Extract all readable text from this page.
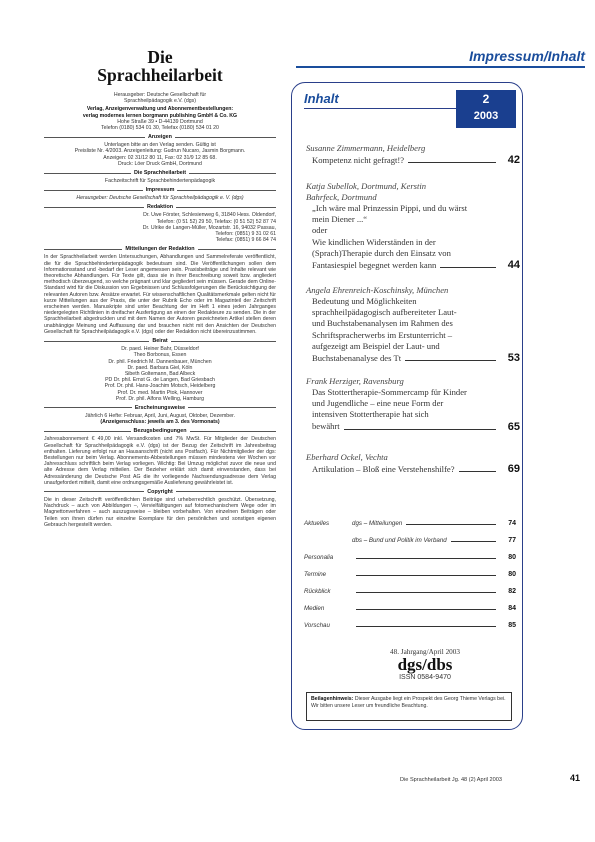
Die
Sprachheilarbeit
Herausgeber: Deutsche Gesellschaft für
Sprachheilpädagogik e.V. (dgs)
Verlag, Anzeigenverwaltung und Abonnementbestellungen:
verlag modernes lernen borgmann publishing GmbH & Co. KG
Hohe Straße 39 • D-44139 Dortmund
Telefon (0180) 534 01 30, Telefax (0180) 534 01 20
Anzeigen
Unterlagen bitte an den Verlag senden. Gültig ist
Preisliste Nr. 4/2003. Anzeigenleitung: Gudrun Nucaro, Jasmin Borgmann.
Anzeigen: 02 31/12 80 11, Fax: 02 31/9 12 85 68.
Druck: Löer Druck GmbH, Dortmund
Die Sprachheilarbeit
Fachzeitschrift für Sprachbehindertenpädagogik
Impressum
Herausgeber: Deutsche Gesellschaft für Sprachheilpädagogik e. V. (dgs)
Redaktion
Dr. Uwe Förster, Schlesienweg 6, 31840 Hess. Oldendorf,
Telefon: (0 51 52) 29 50, Telefax: (0 51 52) 52 87 74
Dr. Ulrike de Langen-Müller, Mozartstr. 16, 94032 Passau,
Telefon: (0851) 9 31 02 61
Telefax: (0851) 9 66 84 74
Mitteilungen der Redaktion
In der Sprachheilarbeit werden Untersuchungen, Abhandlungen und Sammelreferate veröffentlicht, die für die Sprachbehindertenpädagogik bedeutsam sind. Die Veröffentlichungen sollen dem Informationsstand und -bedarf der Leser angemessen sein. Praxisbeiträge und Inhalte relevant wie theoretische Abhandlungen. Für Texte gilt, dass sie in ihrer Beschreibung soweit bzw. angliedert methodisch überzeugend, so welche prägnant und klar gegliedert sein müssen. Gerade dem Online-Standard wird für die Diskussion von Ergebnissen und Schlussfolgerungen die Berücksichtigung der relevanten Autoren bzw. Ansätze erwartet. Für wissenschaftlichen Qualitätsmerkmale gelten nicht für kurze Mitteilungen aus der Praxis, die unter der Rubrik Echo oder im Magazinteil der Zeitschrift erscheinen werden. Manuskripte sind unter Beachtung der im Heft 1 eines jeden Jahrganges niedergelegten Richtlinien in dreifacher Ausfertigung an einen der Redakteure zu senden. Die in der Sprachheilarbeit abgedruckten und mit dem Namen der Autoren gezeichneten Artikel stellen deren unabhängige Meinung und Auffassung dar und brauchen nicht mit den Ansichten der Deutschen Gesellschaft für Sprachheilpädagogik e.V. (dgs) oder der Redaktion nicht übereinzustimmen.
Beirat
Dr. paed. Heiner Bahr, Düsseldorf
Theo Borbonus, Essen
Dr. phil. Friedrich M. Dannenbauer, München
Dr. paed. Barbara Giel, Köln
Sibeth Goltemann, Bad Albeck
PD Dr. phil. Ernst G. de Langen, Bad Griesbach
Prof. Dr. phil. Hans-Joachim Motsch, Heidelberg
Prof. Dr. med. Martin Ptok, Hannover
Prof. Dr. phil. Alfons Welling, Hamburg
Erscheinungsweise
Jährlich 6 Hefte: Februar, April, Juni, August, Oktober, Dezember.
(Anzeigenschluss: jeweils am 3. des Vormonats)
Bezugsbedingungen
Jahresabonnement € 49,00 inkl. Versandkosten und 7% MwSt. Für Mitglieder der Deutschen Gesellschaft für Sprachheilpädagogik e.V. (dgs) ist der Bezug der Zeitschrift im Jahresbeitrag enthalten. Lieferung erfolgt nur an Hausanschrift (nicht ans Postfach). Für Nichtmitglieder der dgs: Bestellungen nur beim Verlag. Abonnements-Abbestellungen müssen mindestens vier Wochen vor Jahresschluss schriftlich beim Verlag vorliegen. Wichtig: Bei Umzug möglichst zuvor die neue und alte Adresse dem Verlag mitteilen. Der Bezieher erklärt sich damit einverstanden, dass bei Adressänderung die Deutsche Post AG die ihr vorliegende Nachsendungsadresse dem Verlag unaufgefordert mitteilt, damit eine ordnungsgemäße Auslieferung gewährleistet ist.
Copyright
Die in dieser Zeitschrift veröffentlichten Beiträge sind urheberrechtlich geschützt. Übersetzung, Nachdruck – auch von Abbildungen –, Vervielfältigungen auf fotomechanischem Wege oder im Magnettonverfahren – auch auszugsweise – bleiben vorbehalten. Von einzelnen Beiträgen oder Teilen von ihnen dürfen nur einzelne Exemplare für den persönlichen und sonstigen eigenen Gebrauch hergestellt werden.
Impressum/Inhalt
Inhalt	2
2003
Susanne Zimmermann, Heidelberg
Kompetenz nicht gefragt!?	42
Katja Subellok, Dortmund, Kerstin
Bahrfeck, Dortmund
„Ich wäre mal Prinzessin Pippi, und du wärst
mein Diener ...“
oder
Wie kindlichen Widerständen in der
(Sprach)Therapie durch den Einsatz von
Fantasiespiel begegnet werden kann	44
Angela Ehrenreich-Koschinsky, München
Bedeutung und Möglichkeiten
sprachheilpädagogisch aufbereiteter Laut-
und Buchstabenanalysen im Rahmen des
Schriftspracherwerbs im Erstunterricht –
aufgezeigt am Beispiel der Laut- und
Buchstabenanalyse des Tt	53
Frank Herziger, Ravensburg
Das Stottertherapie-Sommercamp für Kinder
und Jugendliche – eine neue Form der
intensiven Stottertherapie hat sich
bewährt	65
Eberhard Ockel, Vechta
Artikulation – Bloß eine Verstehenshilfe?	69
Aktuelles	dgs – Mitteilungen	74
dbs – Bund und Politik im Verband	77
Personalia	80
Termine	80
Rückblick	82
Medien	84
Vorschau	85
48. Jahrgang/April 2003
dgs/dbs
ISSN 0584-9470
Beilagenhinweis: Dieser Ausgabe liegt ein Prospekt des Georg Thieme Verlags bei. Wir bitten unsere Leser um freundliche Beachtung.
Die Sprachheilarbeit Jg. 48 (2) April 2003	41
